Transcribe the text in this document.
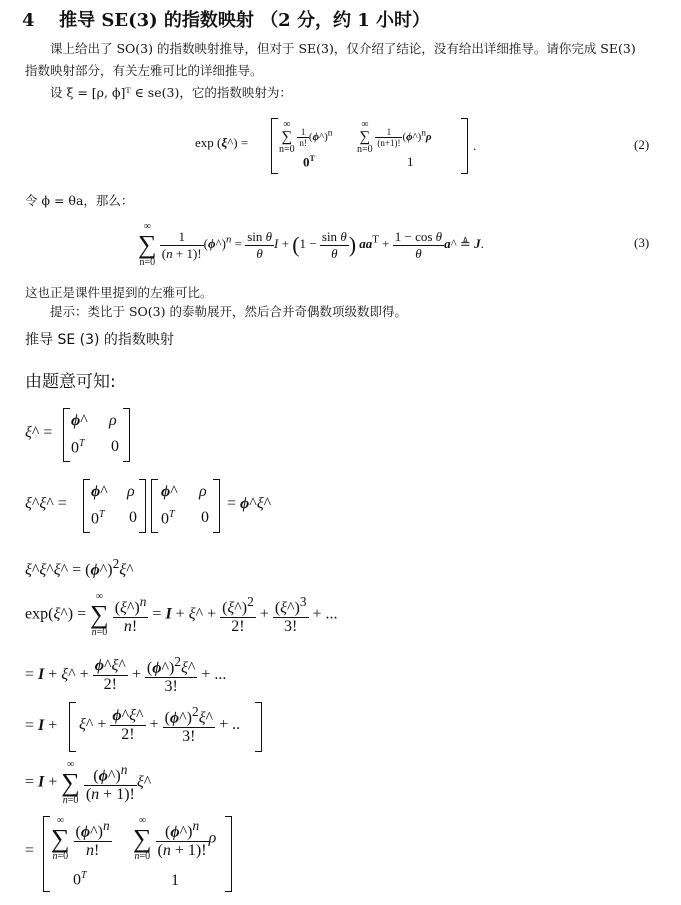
4 推导 SE(3) 的指数映射 （2 分，约 1 小时）
课上给出了 SO(3) 的指数映射推导，但对于 SE(3)，仅介绍了结论，没有给出详细推导。请你完成 SE(3)
指数映射部分，有关左雅可比的详细推导。
设 ξ = [ρ, ϕ]ᵀ ∈ se(3)，它的指数映射为：
exp (ξ^) =
∞
∑
n=0

$\frac{1}{n!}$ (ϕ^)$^n$
∞
∑
n=0

$\frac{1}{(n+1)!}$ (ϕ^)$^n$ρ
$0^T$	1
.	(2)
令 ϕ = θa，那么：
∞
∑
n=0

$\frac{1}{(n + 1)!}$ (ϕ^)$^n$ = $\frac{\text{sin θ}}{\theta}$ $I + (1 - \frac{\text{sin θ}}{\theta}$ ) $aa^T + \frac{\text{1 − cos θ}}{\theta}$ a^ ≜ J.	(3)
这也正是课件里提到的左雅可比。
提示：类比于 SO(3) 的泰勒展开，然后合并奇偶数项级数即得。
推导 SE (3) 的指数映射
由题意可知:
ξ^ =
ϕ^ ρ
$0^T$ 0
ξ^ξ^ =
ϕ^ ρ
$0^T$ 0
ϕ^ ρ
$0^T$ 0
= ϕ^ξ^
ξ^ξ^ξ^ = (ϕ^)$^2$ξ^
exp(ξ^) =
∞
∑
n=0
$\frac{(\xi\^{})^n}{n!} = I$ + ξ^ + $\frac{(\xi\^{})^2}{2!} + \frac{(\xi\^{})^3}{3!}$ + ...
= I + ξ^ + $\frac{\phi\^{}\xi\^{}}{2!} + \frac{(\phi\^{})^2\xi\^{}}{3!}$ + ...
= I + ξ^ + $\frac{\phi\^{}\xi\^{}}{2!} + \frac{(\phi\^{})^2\xi\^{}}{3!}$ + ..
= I +
∞
∑
n=0
$\frac{(\phi\^{})^n}{(n + 1)!}$ ξ^
=
∞
∑
n=0
$\frac{(\phi\^{})^n}{n!}$	∞
∑
n=0
$\frac{(\phi\^{})^n}{(n + 1)!}$ ρ
$0^T$	1
